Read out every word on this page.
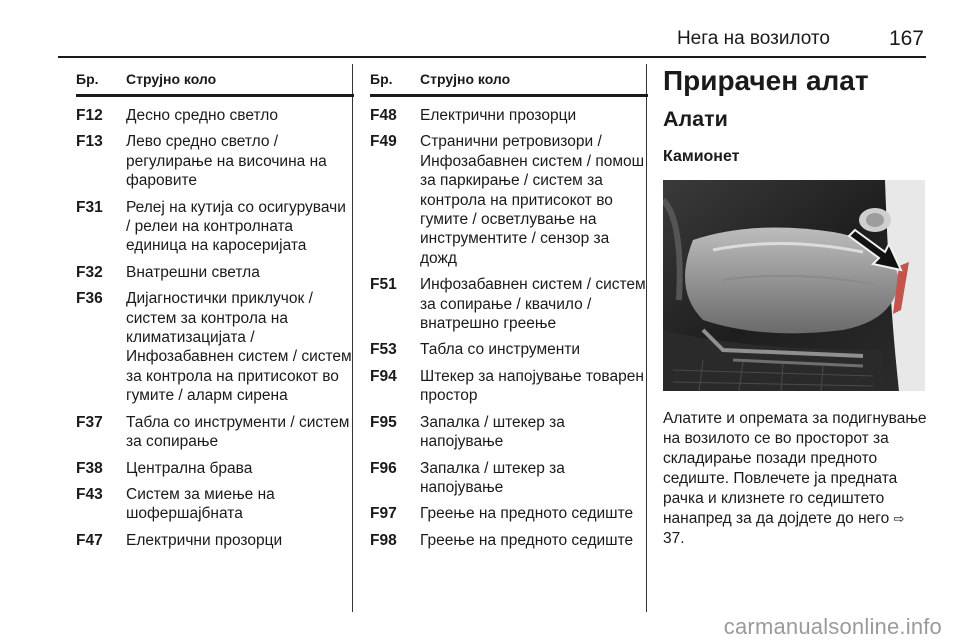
Нега на возилото	167
Бр. Струјно коло
F12 Десно средно светло
F13 Лево средно светло / регулирање на височина на фаровите
F31 Релеј на кутија со осигурувачи / релеи на контролната единица на каросеријата
F32 Внатрешни светла
F36 Дијагностички приклучок / систем за контрола на климатизацијата / Инфозабавнен систем / систем за контрола на притисокот во гумите / аларм сирена
F37 Табла со инструменти / систем за сопирање
F38 Централна брава
F43 Систем за миење на шофершајбната
F47 Електрични прозорци
Бр. Струјно коло
F48 Електрични прозорци
F49 Странични ретровизори / Инфозабавнен систем / помош за паркирање / систем за контрола на притисокот во гумите / осветлување на инструментите / сензор за дожд
F51 Инфозабавнен систем / систем за сопирање / квачило / внатрешно греење
F53 Табла со инструменти
F94 Штекер за напојување товарен простор
F95 Запалка / штекер за напојување
F96 Запалка / штекер за напојување
F97 Греење на предното седиште
F98 Греење на предното седиште
Прирачен алат
Алати
Камионет
Алатите и опремата за подигнување на возилото се во просторот за складирање позади предното седиште. Повлечете ја предната рачка и клизнете го седиштето нанапред за да дојдете до него ⇨ 37.
carmanualsonline.info
